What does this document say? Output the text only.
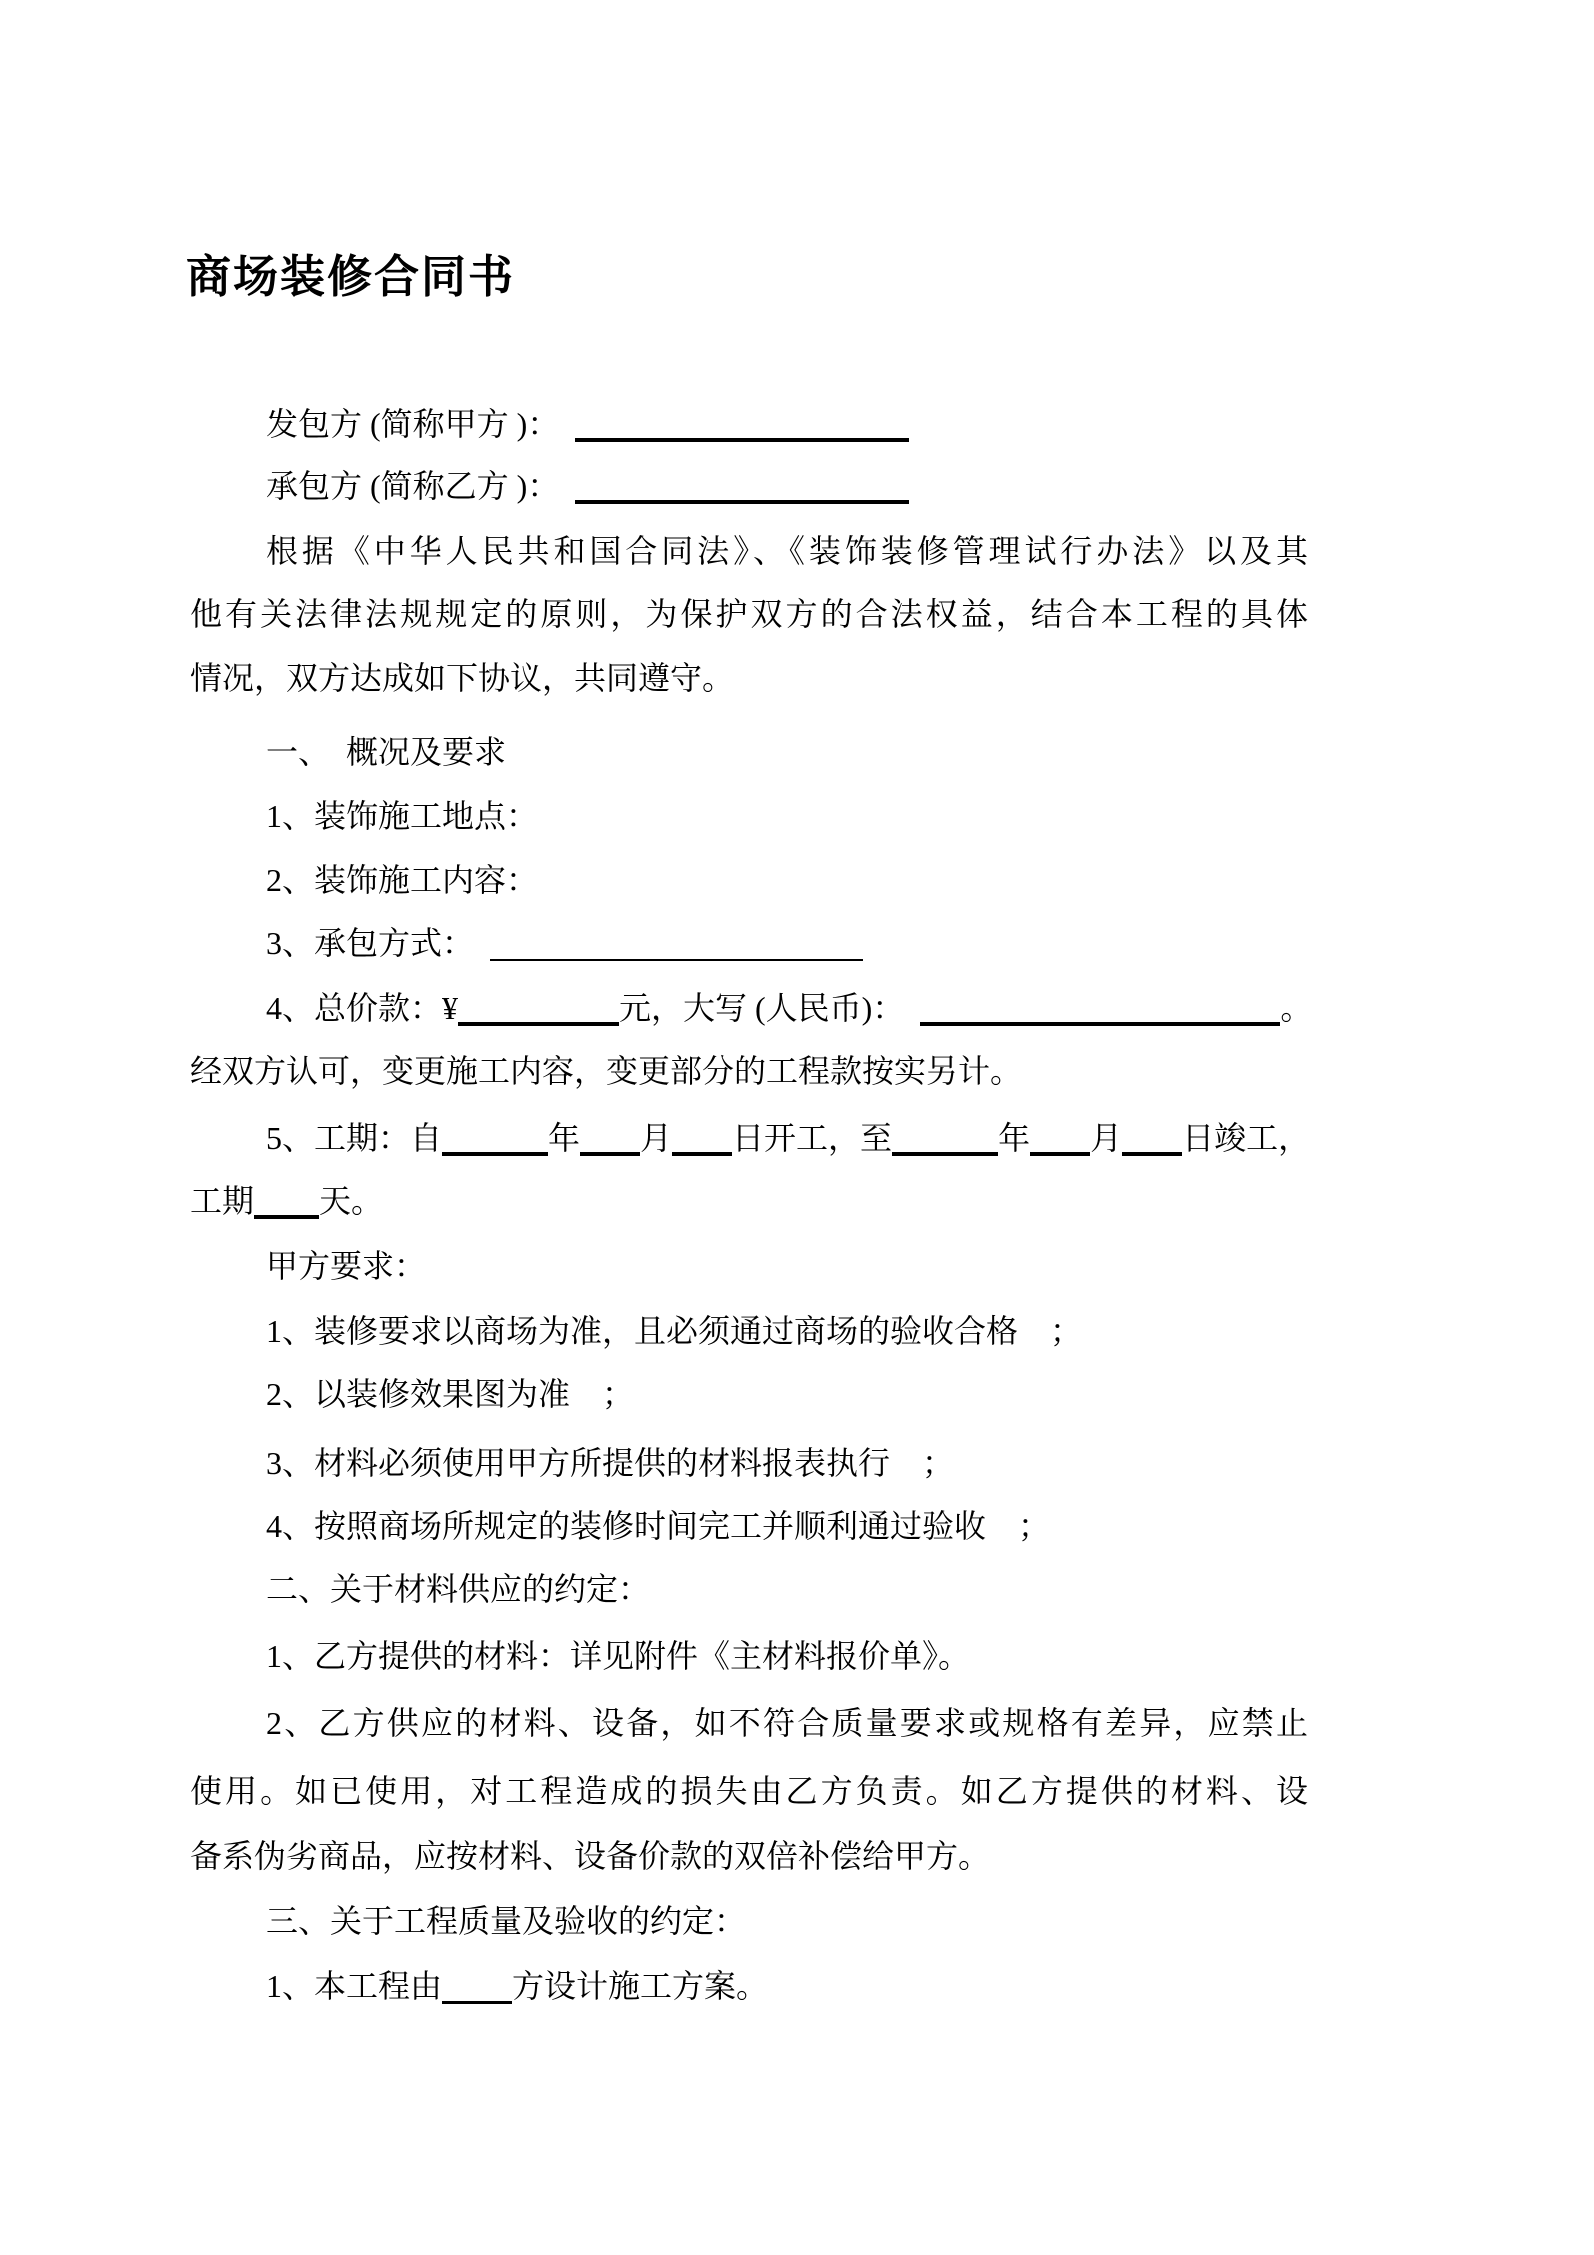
商场装修合同书
发包方 (简称甲方 )：　
承包方 (简称乙方 )：　
根据《中华人民共和国合同法》、《装饰装修管理试行办法》以及其
他有关法律法规规定的原则，为保护双方的合法权益，结合本工程的具体
情况，双方达成如下协议，共同遵守。
一、　概况及要求
1、装饰施工地点：
2、装饰施工内容：
3、承包方式：　
4、总价款：¥	元，大写 (人民币)：　	。
经双方认可，变更施工内容，变更部分的工程款按实另计。
5、工期：自	年 月 日开工，至	年 月 日竣工，
工期 天。
甲方要求：
1、装修要求以商场为准，且必须通过商场的验收合格　；
2、以装修效果图为准　；
3、材料必须使用甲方所提供的材料报表执行　；
4、按照商场所规定的装修时间完工并顺利通过验收　；
二、关于材料供应的约定：
1、乙方提供的材料：详见附件《主材料报价单》。
2、乙方供应的材料、设备，如不符合质量要求或规格有差异，应禁止
使用。如已使用，对工程造成的损失由乙方负责。如乙方提供的材料、设
备系伪劣商品，应按材料、设备价款的双倍补偿给甲方。
三、关于工程质量及验收的约定：
1、本工程由 方设计施工方案。
